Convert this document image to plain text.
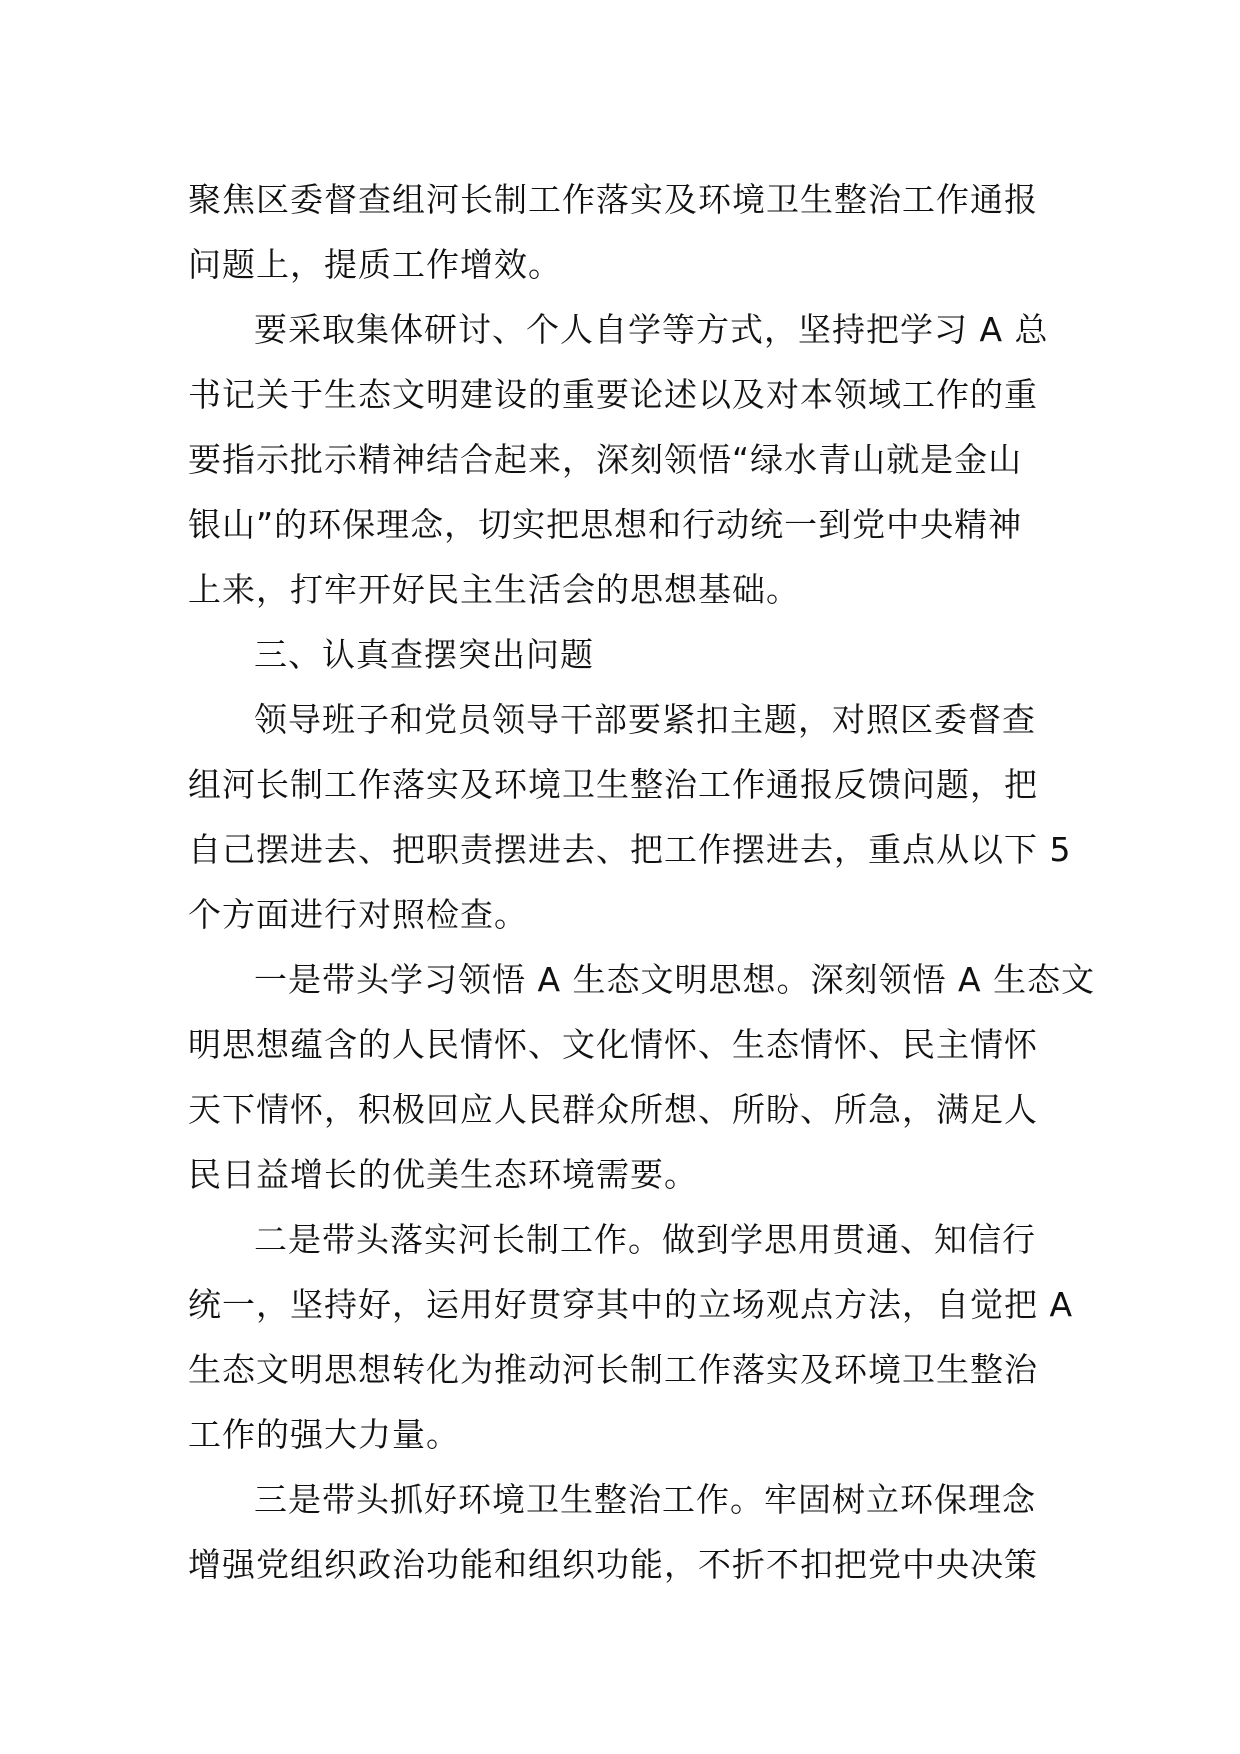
聚焦区委督查组河长制工作落实及环境卫生整治工作通报
问题上，提质工作增效。
要采取集体研讨、个人自学等方式，坚持把学习 A 总
书记关于生态文明建设的重要论述以及对本领域工作的重
要指示批示精神结合起来，深刻领悟“绿水青山就是金山
银山”的环保理念，切实把思想和行动统一到党中央精神
上来，打牢开好民主生活会的思想基础。
三、认真查摆突出问题
领导班子和党员领导干部要紧扣主题，对照区委督查
组河长制工作落实及环境卫生整治工作通报反馈问题，把
自己摆进去、把职责摆进去、把工作摆进去，重点从以下 5
个方面进行对照检查。
一是带头学习领悟 A 生态文明思想。深刻领悟 A 生态文
明思想蕴含的人民情怀、文化情怀、生态情怀、民主情怀
天下情怀，积极回应人民群众所想、所盼、所急，满足人
民日益增长的优美生态环境需要。
二是带头落实河长制工作。做到学思用贯通、知信行
统一，坚持好，运用好贯穿其中的立场观点方法，自觉把 A
生态文明思想转化为推动河长制工作落实及环境卫生整治
工作的强大力量。
三是带头抓好环境卫生整治工作。牢固树立环保理念
增强党组织政治功能和组织功能，不折不扣把党中央决策
